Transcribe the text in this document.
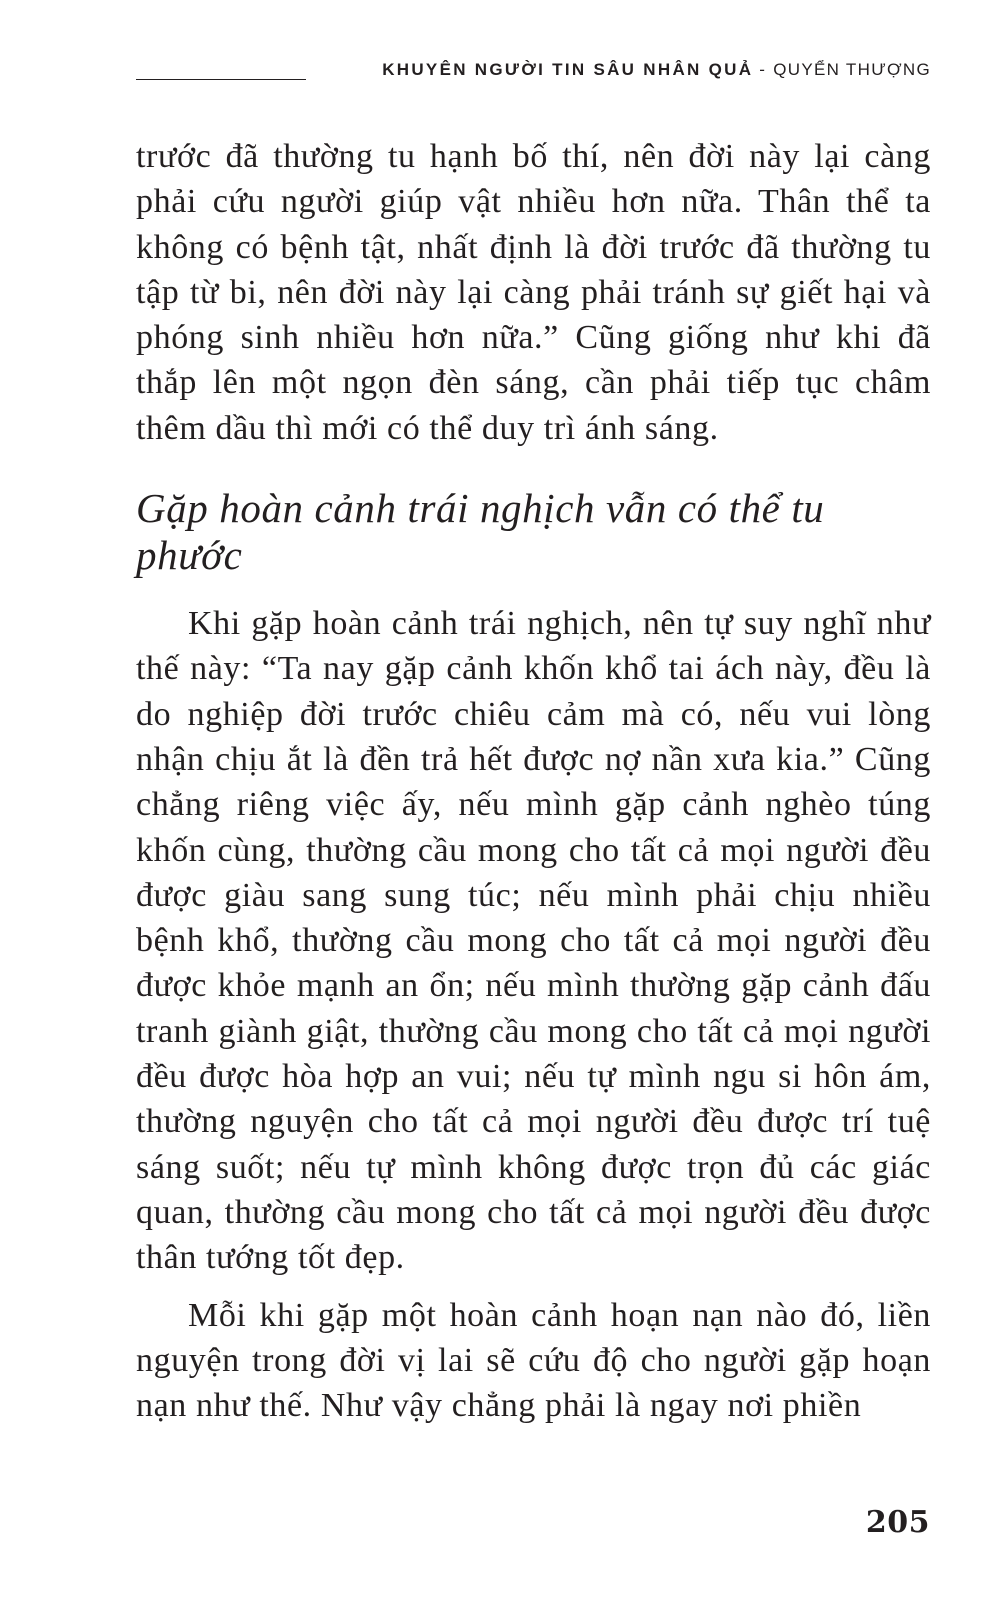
KHUYÊN NGƯỜI TIN SÂU NHÂN QUẢ - QUYỂN THƯỢNG

trước đã thường tu hạnh bố thí, nên đời này lại càng phải cứu người giúp vật nhiều hơn nữa. Thân thể ta không có bệnh tật, nhất định là đời trước đã thường tu tập từ bi, nên đời này lại càng phải tránh sự giết hại và phóng sinh nhiều hơn nữa.” Cũng giống như khi đã thắp lên một ngọn đèn sáng, cần phải tiếp tục châm thêm dầu thì mới có thể duy trì ánh sáng.

Gặp hoàn cảnh trái nghịch vẫn có thể tu phước

Khi gặp hoàn cảnh trái nghịch, nên tự suy nghĩ như thế này: “Ta nay gặp cảnh khốn khổ tai ách này, đều là do nghiệp đời trước chiêu cảm mà có, nếu vui lòng nhận chịu ắt là đền trả hết được nợ nần xưa kia.” Cũng chẳng riêng việc ấy, nếu mình gặp cảnh nghèo túng khốn cùng, thường cầu mong cho tất cả mọi người đều được giàu sang sung túc; nếu mình phải chịu nhiều bệnh khổ, thường cầu mong cho tất cả mọi người đều được khỏe mạnh an ổn; nếu mình thường gặp cảnh đấu tranh giành giật, thường cầu mong cho tất cả mọi người đều được hòa hợp an vui; nếu tự mình ngu si hôn ám, thường nguyện cho tất cả mọi người đều được trí tuệ sáng suốt; nếu tự mình không được trọn đủ các giác quan, thường cầu mong cho tất cả mọi người đều được thân tướng tốt đẹp.

Mỗi khi gặp một hoàn cảnh hoạn nạn nào đó, liền nguyện trong đời vị lai sẽ cứu độ cho người gặp hoạn nạn như thế. Như vậy chẳng phải là ngay nơi phiền

205
